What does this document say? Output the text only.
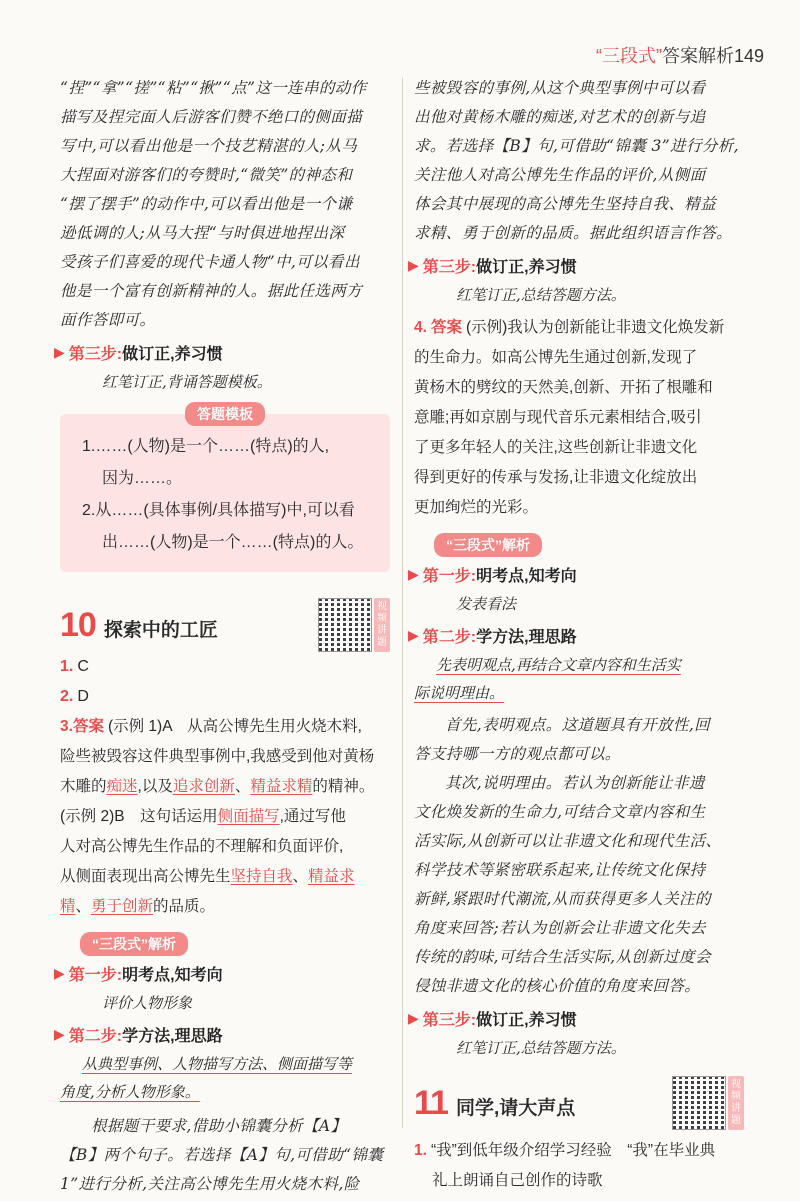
“三段式”答案解析149
“捏”“拿”“搓”“粘”“揪”“点”这一连串的动作
描写及捏完面人后游客们赞不绝口的侧面描
写中,可以看出他是一个技艺精湛的人;从马
大捏面对游客们的夸赞时,“微笑”的神态和
“摆了摆手”的动作中,可以看出他是一个谦
逊低调的人;从马大捏“与时俱进地捏出深
受孩子们喜爱的现代卡通人物”中,可以看出
他是一个富有创新精神的人。据此任选两方
面作答即可。
▶ 第三步: 做订正,养习惯
红笔订正,背诵答题模板。
答题模板
1.……(人物)是一个……(特点)的人,
因为……。
2.从……(具体事例/具体描写)中,可以看
出……(人物)是一个……(特点)的人。
10 探索中的工匠
视频讲题
1. C
2. D
3.答案 (示例 1)A　从高公博先生用火烧木料,
险些被毁容这件典型事例中,我感受到他对黄杨
木雕的痴迷,以及追求创新、精益求精的精神。
(示例 2)B　这句话运用侧面描写,通过写他
人对高公博先生作品的不理解和负面评价,
从侧面表现出高公博先生坚持自我、精益求
精、勇于创新的品质。
“三段式”解析
▶ 第一步: 明考点,知考向
评价人物形象
▶ 第二步: 学方法,理思路
从典型事例、人物描写方法、侧面描写等
角度,分析人物形象。
根据题干要求,借助小锦囊分析【A】
【B】两个句子。若选择【A】句,可借助“锦囊
1”进行分析,关注高公博先生用火烧木料,险
些被毁容的事例,从这个典型事例中可以看
出他对黄杨木雕的痴迷,对艺术的创新与追
求。若选择【B】句,可借助“锦囊 3”进行分析,
关注他人对高公博先生作品的评价,从侧面
体会其中展现的高公博先生坚持自我、精益
求精、勇于创新的品质。据此组织语言作答。
▶ 第三步: 做订正,养习惯
红笔订正,总结答题方法。
4. 答案 (示例)我认为创新能让非遗文化焕发新
的生命力。如高公博先生通过创新,发现了
黄杨木的劈纹的天然美,创新、开拓了根雕和
意雕;再如京剧与现代音乐元素相结合,吸引
了更多年轻人的关注,这些创新让非遗文化
得到更好的传承与发扬,让非遗文化绽放出
更加绚烂的光彩。
“三段式”解析
▶ 第一步: 明考点,知考向
发表看法
▶ 第二步: 学方法,理思路
先表明观点,再结合文章内容和生活实
际说明理由。
首先,表明观点。这道题具有开放性,回
答支持哪一方的观点都可以。
其次,说明理由。若认为创新能让非遗
文化焕发新的生命力,可结合文章内容和生
活实际,从创新可以让非遗文化和现代生活、
科学技术等紧密联系起来,让传统文化保持
新鲜,紧跟时代潮流,从而获得更多人关注的
角度来回答;若认为创新会让非遗文化失去
传统的韵味,可结合生活实际,从创新过度会
侵蚀非遗文化的核心价值的角度来回答。
▶ 第三步: 做订正,养习惯
红笔订正,总结答题方法。
11 同学,请大声点
视频讲题
1. “我”到低年级介绍学习经验　“我”在毕业典
礼上朗诵自己创作的诗歌
